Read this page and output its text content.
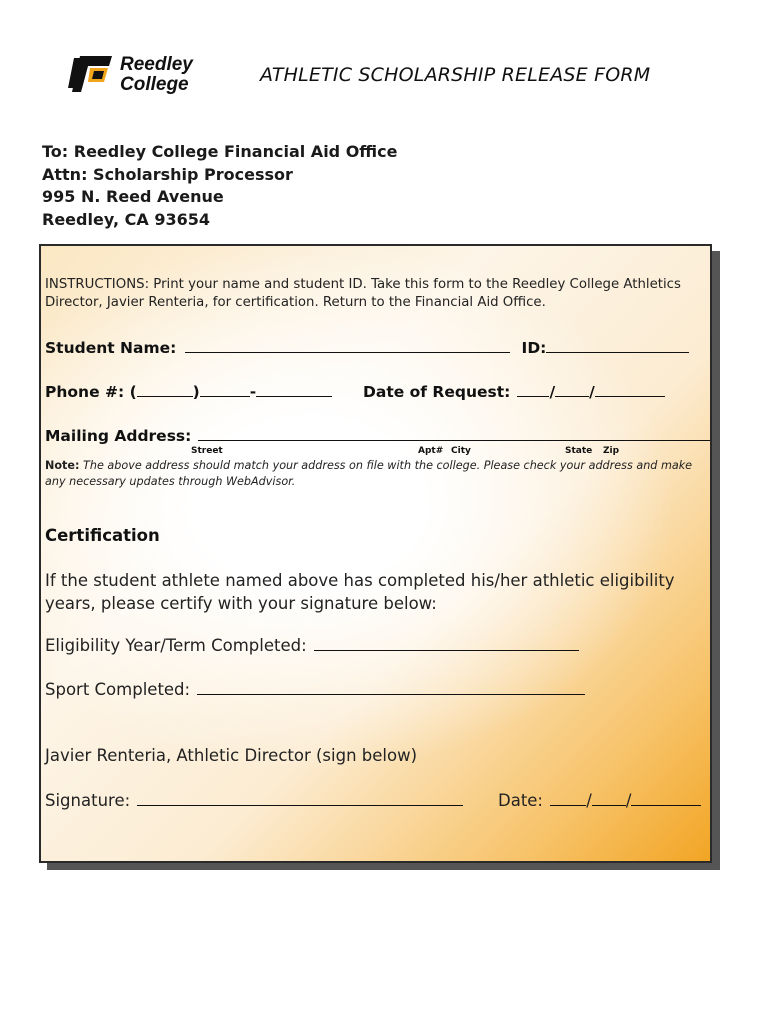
Reedley
College	ATHLETIC SCHOLARSHIP RELEASE FORM
To: Reedley College Financial Aid Office
Attn: Scholarship Processor
995 N. Reed Avenue
Reedley, CA 93654
INSTRUCTIONS: Print your name and student ID. Take this form to the Reedley College Athletics Director, Javier Renteria, for certification. Return to the Financial Aid Office.
Student Name:	ID:
Phone #: (	)	-	Date of Request:	/ /
Mailing Address:
Street	Apt# City	State Zip
Note: The above address should match your address on file with the college. Please check your address and make any necessary updates through WebAdvisor.
Certification
If the student athlete named above has completed his/her athletic eligibility years, please certify with your signature below:
Eligibility Year/Term Completed:
Sport Completed:
Javier Renteria, Athletic Director (sign below)
Signature:	Date:	/ /
